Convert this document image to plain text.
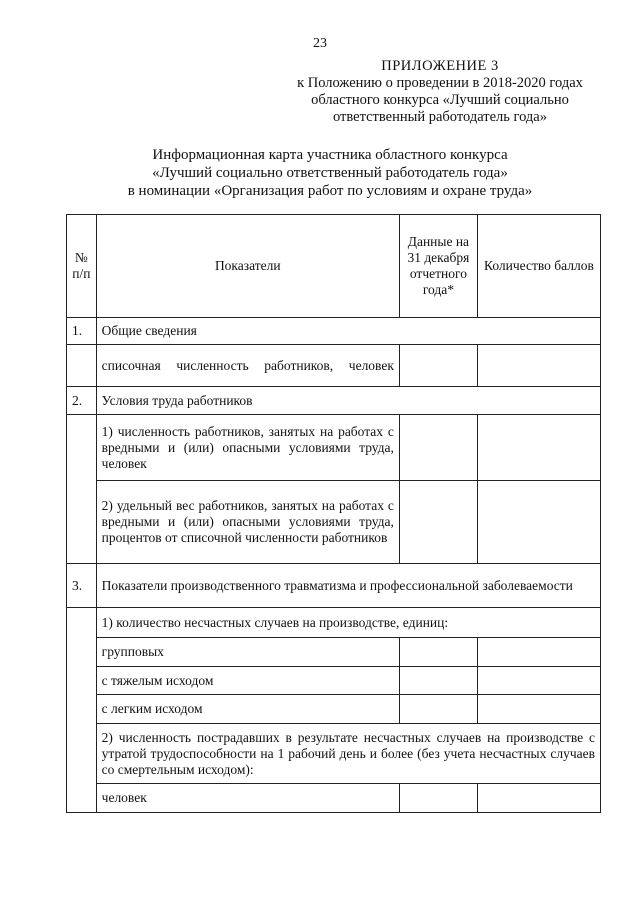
23
ПРИЛОЖЕНИЕ 3
к Положению о проведении в 2018-2020 годах
областного конкурса «Лучший социально
ответственный работодатель года»
Информационная карта участника областного конкурса
«Лучший социально ответственный работодатель года»
в номинации «Организация работ по условиям и охране труда»
№ п/п	Показатели	Данные на 31 декабря отчетного года*	Количество баллов
1.	Общие сведения		
	списочная численность работников, человек		
2.	Условия труда работников		
	1) численность работников, занятых на работах с вредными и (или) опасными условиями труда, человек		
	2) удельный вес работников, занятых на работах с вредными и (или) опасными условиями труда, процентов от списочной численности работников		
3.	Показатели производственного травматизма и профессиональной заболеваемости		
	1) количество несчастных случаев на производстве, единиц:		
	групповых		
	с тяжелым исходом		
	с легким исходом		
	2) численность пострадавших в результате несчастных случаев на производстве с утратой трудоспособности на 1 рабочий день и более (без учета несчастных случаев со смертельным исходом):		
	человек		
